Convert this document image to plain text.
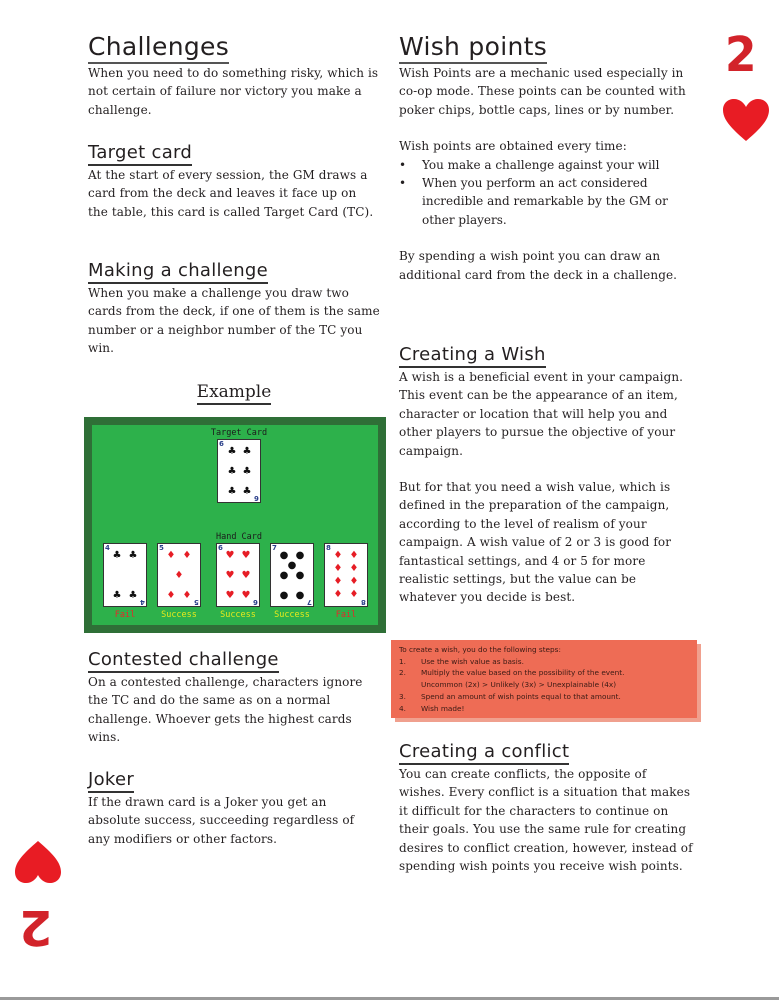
2
2
Challenges

When you need to do something risky, which is not certain of failure nor victory you make a challenge.

Target card

At the start of every session, the GM draws a card from the deck and leaves it face up on the table, this card is called Target Card (TC).

Making a challenge

When you make a challenge you draw two cards from the deck, if one of them is the same number or a neighbor number of the TC you win.

Example
Target Card
6
♣ ♣
♣ ♣
♣ ♣
6
Hand Card
4
♣ ♣
♣ ♣
4
Fail
5
♦ ♦
♦
♦ ♦
5
Success
6
♥ ♥
♥ ♥
♥ ♥
6
Success
7
● ●
●
● ●
● ●
7
Success
8
♦ ♦
♦ ♦
♦ ♦
♦ ♦
8
Fail
Contested challenge

On a contested challenge, characters ignore the TC and do the same as on a normal challenge. Whoever gets the highest cards wins.

Joker

If the drawn card is a Joker you get an absolute success, succeeding regardless of any modifiers or other factors.

Wish points

Wish Points are a mechanic used especially in co-op mode. These points can be counted with poker chips, bottle caps, lines or by number.

Wish points are obtained every time:

• You make a challenge against your will
• When you perform an act considered incredible and remarkable by the GM or other players.

By spending a wish point you can draw an additional card from the deck in a challenge.

Creating a Wish

A wish is a beneficial event in your campaign. This event can be the appearance of an item, character or location that will help you and other players to pursue the objective of your campaign.

But for that you need a wish value, which is defined in the preparation of the campaign, according to the level of realism of your campaign. A wish value of 2 or 3 is good for fantastical settings, and 4 or 5 for more realistic settings, but the value can be whatever you decide is best.

To create a wish, you do the following steps:
1. Use the wish value as basis.
2. Multiply the value based on the possibility of the event.
Uncommon (2x) > Unlikely (3x) > Unexplainable (4x)
3. Spend an amount of wish points equal to that amount.
4. Wish made!
Creating a conflict

You can create conflicts, the opposite of wishes. Every conflict is a situation that makes it difficult for the characters to continue on their goals. You use the same rule for creating desires to conflict creation, however, instead of spending wish points you receive wish points.
